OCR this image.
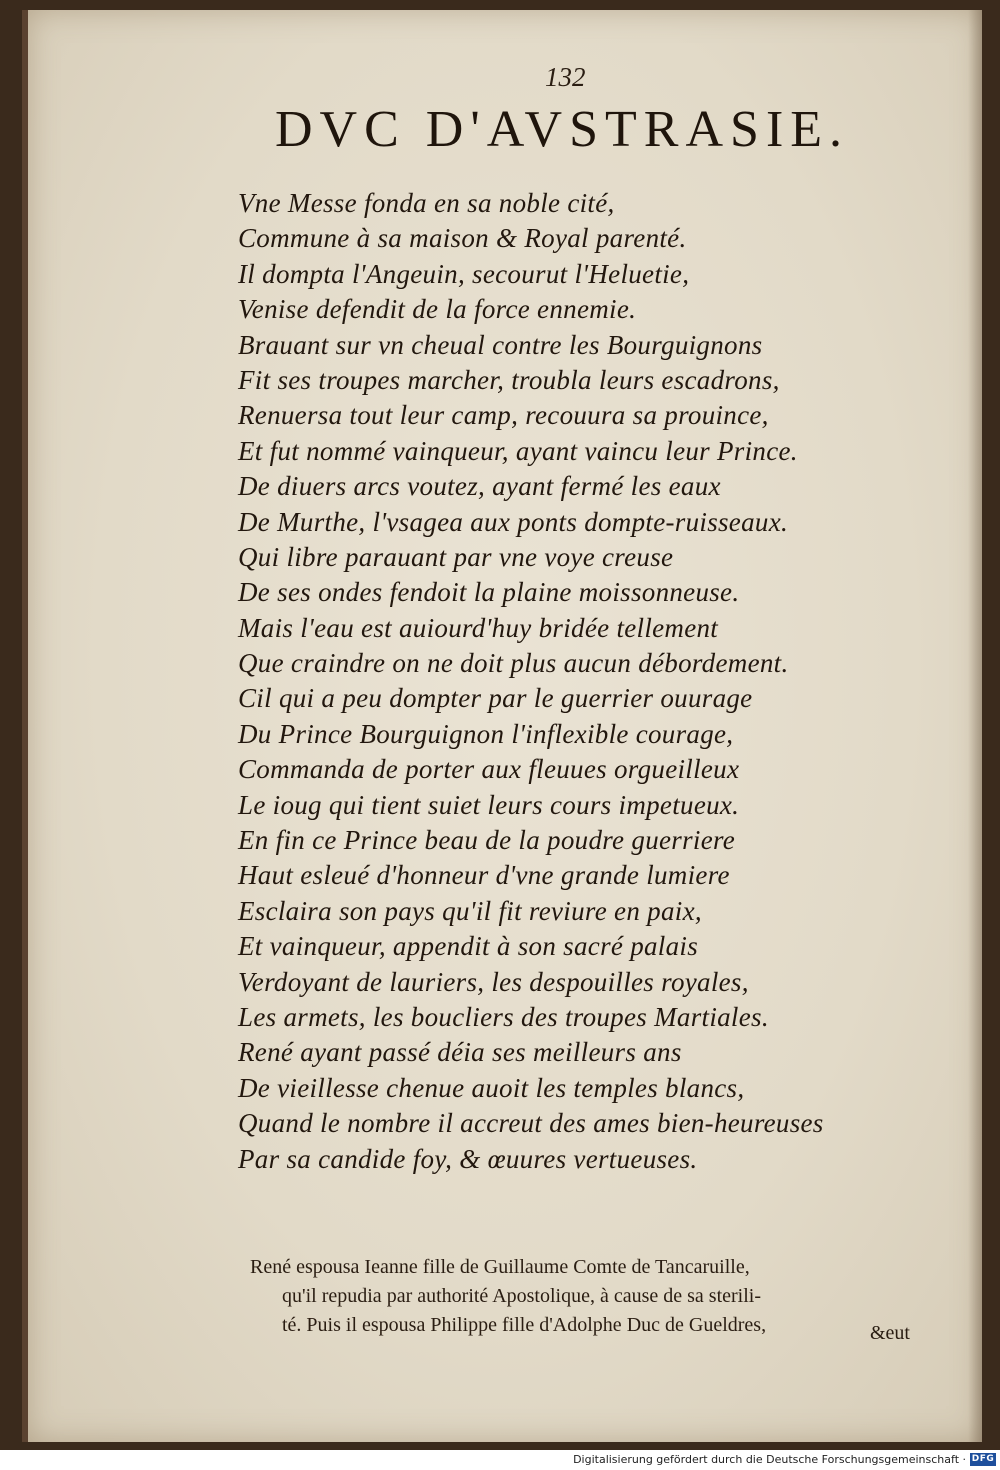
132
DVC D'AVSTRASIE.
Vne Messe fonda en sa noble cité,
Commune à sa maison & Royal parenté.
Il dompta l'Angeuin, secourut l'Heluetie,
Venise defendit de la force ennemie.
Brauant sur vn cheual contre les Bourguignons
Fit ses troupes marcher, troubla leurs escadrons,
Renuersa tout leur camp, recouura sa prouince,
Et fut nommé vainqueur, ayant vaincu leur Prince.
De diuers arcs voutez, ayant fermé les eaux
De Murthe, l'vsagea aux ponts dompte-ruisseaux.
Qui libre parauant par vne voye creuse
De ses ondes fendoit la plaine moissonneuse.
Mais l'eau est auiourd'huy bridée tellement
Que craindre on ne doit plus aucun débordement.
Cil qui a peu dompter par le guerrier ouurage
Du Prince Bourguignon l'inflexible courage,
Commanda de porter aux fleuues orgueilleux
Le ioug qui tient suiet leurs cours impetueux.
En fin ce Prince beau de la poudre guerriere
Haut esleué d'honneur d'vne grande lumiere
Esclaira son pays qu'il fit reviure en paix,
Et vainqueur, appendit à son sacré palais
Verdoyant de lauriers, les despouilles royales,
Les armets, les boucliers des troupes Martiales.
René ayant passé déia ses meilleurs ans
De vieillesse chenue auoit les temples blancs,
Quand le nombre il accreut des ames bien-heureuses
Par sa candide foy, & œuures vertueuses.
René espousa Ieanne fille de Guillaume Comte de Tancaruille,
qu'il repudia par authorité Apostolique, à cause de sa sterili-
té. Puis il espousa Philippe fille d'Adolphe Duc de Gueldres,	&eut
Digitalisierung gefördert durch die Deutsche Forschungsgemeinschaft · DFG
